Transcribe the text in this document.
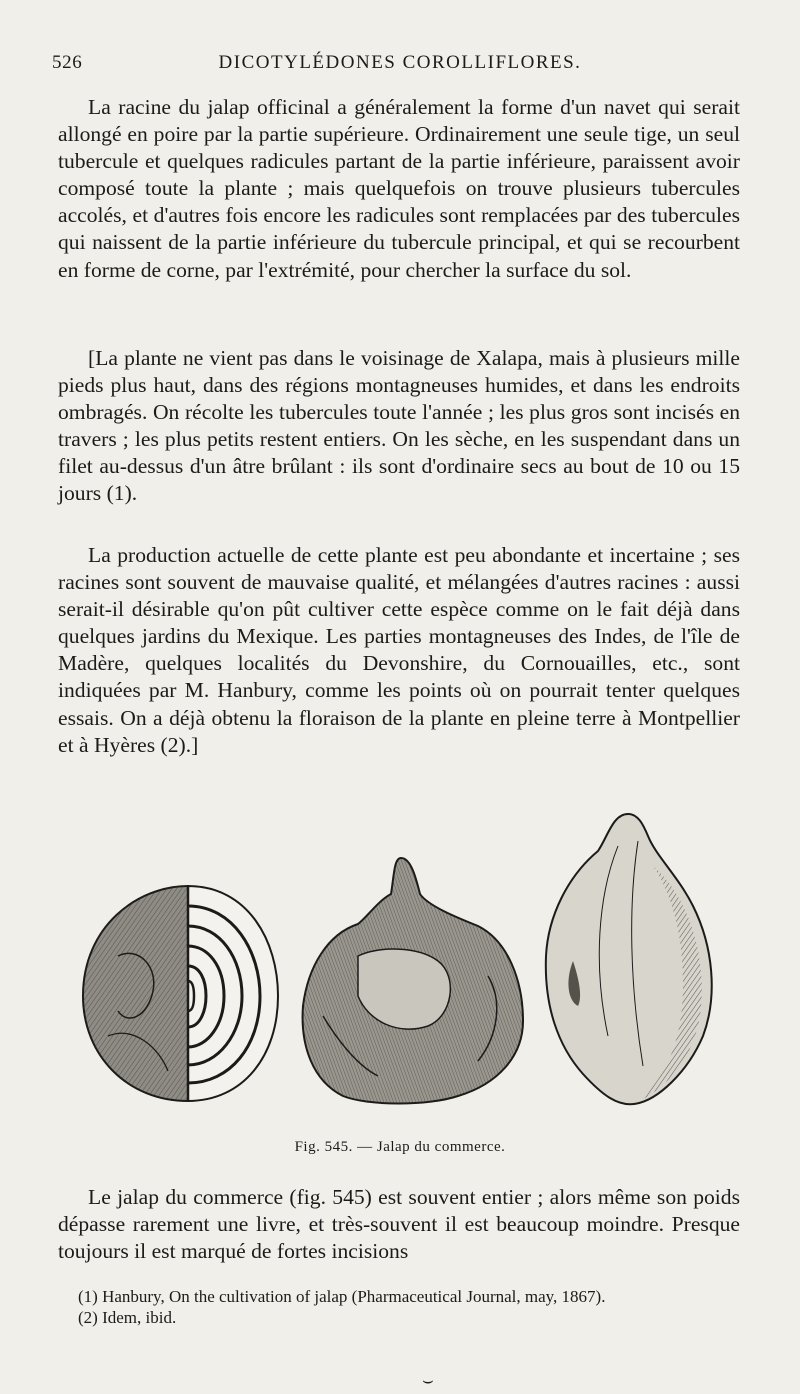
526	DICOTYLÉDONES COROLLIFLORES.

La racine du jalap officinal a généralement la forme d'un navet qui serait allongé en poire par la partie supérieure. Ordinairement une seule tige, un seul tubercule et quelques radicules partant de la partie inférieure, paraissent avoir composé toute la plante ; mais quelquefois on trouve plusieurs tubercules accolés, et d'autres fois encore les radicules sont remplacées par des tubercules qui naissent de la partie inférieure du tubercule principal, et qui se recourbent en forme de corne, par l'extrémité, pour chercher la surface du sol.

[La plante ne vient pas dans le voisinage de Xalapa, mais à plusieurs mille pieds plus haut, dans des régions montagneuses humides, et dans les endroits ombragés. On récolte les tubercules toute l'année ; les plus gros sont incisés en travers ; les plus petits restent entiers. On les sèche, en les suspendant dans un filet au-dessus d'un âtre brûlant : ils sont d'ordinaire secs au bout de 10 ou 15 jours (1).

La production actuelle de cette plante est peu abondante et incertaine ; ses racines sont souvent de mauvaise qualité, et mélangées d'autres racines : aussi serait-il désirable qu'on pût cultiver cette espèce comme on le fait déjà dans quelques jardins du Mexique. Les parties montagneuses des Indes, de l'île de Madère, quelques localités du Devonshire, du Cornouailles, etc., sont indiquées par M. Hanbury, comme les points où on pourrait tenter quelques essais. On a déjà obtenu la floraison de la plante en pleine terre à Montpellier et à Hyères (2).]

Fig. 545. — Jalap du commerce.

Le jalap du commerce (fig. 545) est souvent entier ; alors même son poids dépasse rarement une livre, et très-souvent il est beaucoup moindre. Presque toujours il est marqué de fortes incisions

(1) Hanbury, On the cultivation of jalap (Pharmaceutical Journal, may, 1867).
(2) Idem, ibid.
⌣
